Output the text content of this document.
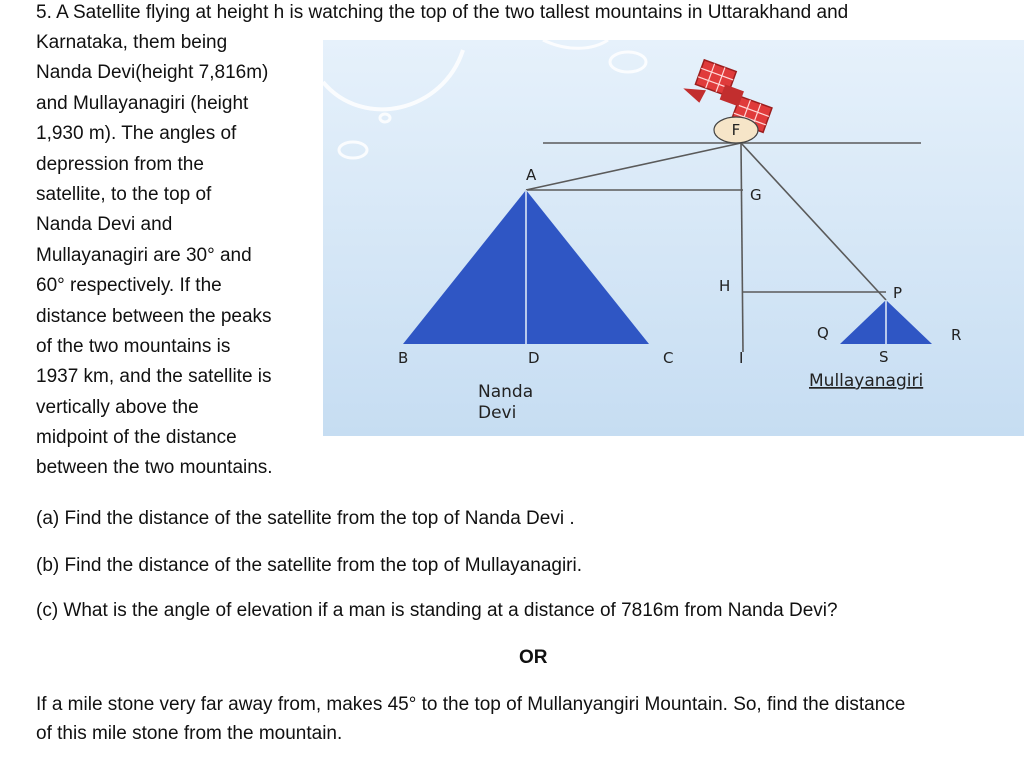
5. A Satellite flying at height h is watching the top of the two tallest mountains in Uttarakhand and
Karnataka, them being
Nanda Devi(height 7,816m)
and Mullayanagiri (height
1,930 m). The angles of
depression from the
satellite, to the top of
Nanda Devi and
Mullayanagiri are 30° and
60° respectively. If the
distance between the peaks
of the two mountains is
1937 km, and the satellite is
vertically above the
midpoint of the distance
between the two mountains.
F
A
G
H	P
Q	R
S
B	D	C	I
Nanda
Devi
Mullayanagiri
(a) Find the distance of the satellite from the top of Nanda Devi .
(b) Find the distance of the satellite from the top of Mullayanagiri.
(c) What is the angle of elevation if a man is standing at a distance of 7816m from Nanda Devi?
OR
If a mile stone very far away from, makes 45° to the top of Mullanyangiri Mountain. So, find the distance
of this mile stone from the mountain.
